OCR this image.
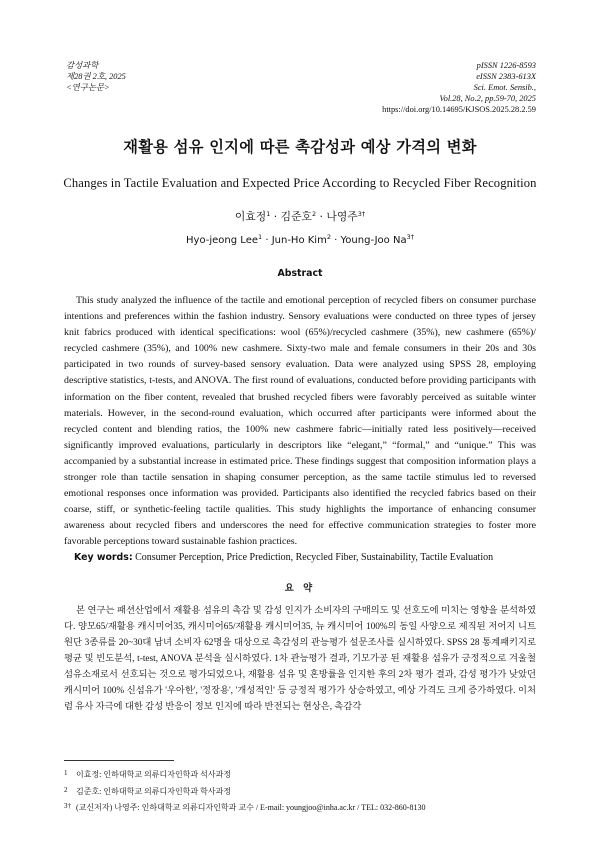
감성과학
제28권 2호, 2025
<연구논문>
pISSN 1226-8593
eISSN 2383-613X
Sci. Emot. Sensib.,
Vol.28, No.2, pp.59-70, 2025
https://doi.org/10.14695/KJSOS.2025.28.2.59
재활용 섬유 인지에 따른 촉감성과 예상 가격의 변화
Changes in Tactile Evaluation and Expected Price According to Recycled Fiber Recognition
이효정$^1$ · 김준호$^2$ · 나영주$^{3\dagger}$
Hyo-jeong Lee$^1$ · Jun-Ho Kim$^2$ · Young-Joo $Na^{3\dagger}$
Abstract

This study analyzed the influence of the tactile and emotional perception of recycled fibers on consumer purchase intentions and preferences within the fashion industry. Sensory evaluations were conducted on three types of jersey knit fabrics produced with identical specifications: wool (65%)/recycled cashmere (35%), new cashmere (65%)/ recycled cashmere (35%), and 100% new cashmere. Sixty-two male and female consumers in their 20s and 30s participated in two rounds of survey-based sensory evaluation. Data were analyzed using SPSS 28, employing descriptive statistics, t-tests, and ANOVA. The first round of evaluations, conducted before providing participants with information on the fiber content, revealed that brushed recycled fibers were favorably perceived as suitable winter materials. However, in the second-round evaluation, which occurred after participants were informed about the recycled content and blending ratios, the 100% new cashmere fabric—initially rated less positively—received significantly improved evaluations, particularly in descriptors like “elegant,” “formal,” and “unique.” This was accompanied by a substantial increase in estimated price. These findings suggest that composition information plays a stronger role than tactile sensation in shaping consumer perception, as the same tactile stimulus led to reversed emotional responses once information was provided. Participants also identified the recycled fabrics based on their coarse, stiff, or synthetic-feeling tactile qualities. This study highlights the importance of enhancing consumer awareness about recycled fibers and underscores the need for effective communication strategies to foster more favorable perceptions toward sustainable fashion practices.

Key words: Consumer Perception, Price Prediction, Recycled Fiber, Sustainability, Tactile Evaluation
요 약

본 연구는 패션산업에서 재활용 섬유의 촉감 및 감성 인지가 소비자의 구매의도 및 선호도에 미치는 영향을 분석하였다. 양모65/재활용 캐시미어35, 캐시미어65/재활용 캐시미어35, 뉴 캐시미어 100%의 동일 사양으로 제직된 저어지 니트 원단 3종류를 20~30대 남녀 소비자 62명을 대상으로 촉감성의 관능평가 설문조사를 실시하였다. SPSS 28 통계패키지로 평균 및 빈도분석, t-test, ANOVA 분석을 실시하였다. 1차 관능평가 결과, 기모가공 된 재활용 섬유가 긍정적으로 겨울철 섬유소재로서 선호되는 것으로 평가되었으나, 재활용 섬유 및 혼방률을 인지한 후의 2차 평가 결과, 감성 평가가 낮았던 캐시미어 100% 신섬유가 '우아한', '정장용', '개성적인' 등 긍정적 평가가 상승하였고, 예상 가격도 크게 증가하였다. 이처럼 유사 자극에 대한 감성 반응이 정보 인지에 따라 반전되는 현상은, 촉감각

1 이효정: 인하대학교 의류디자인학과 석사과정
2 김준호: 인하대학교 의류디자인학과 학사과정
3† (교신저자) 나영주: 인하대학교 의류디자인학과 교수 / E-mail: youngjoo@inha.ac.kr / TEL: 032-860-8130
